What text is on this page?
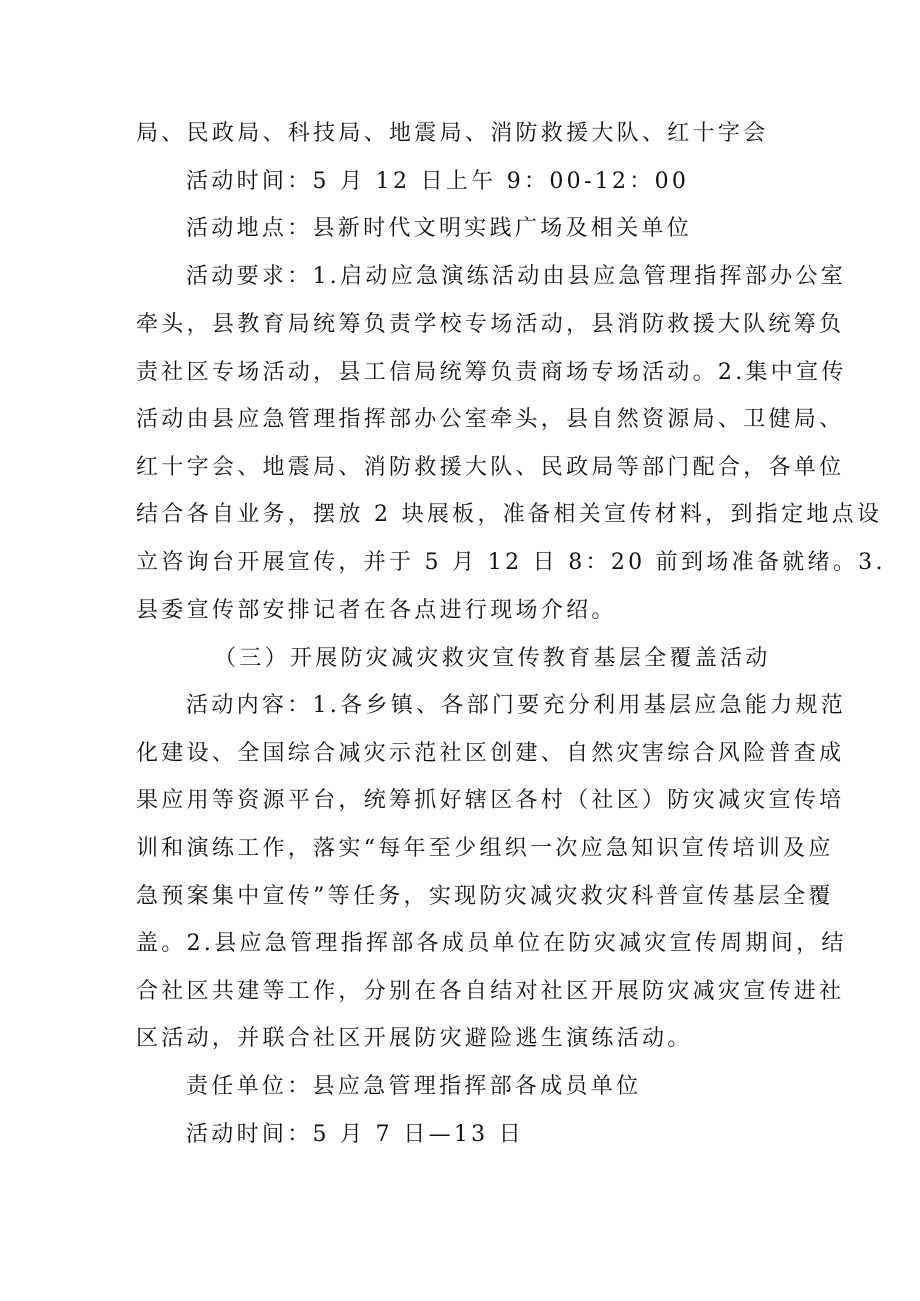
局、民政局、科技局、地震局、消防救援大队、红十字会
活动时间：5 月 12 日上午 9：00-12：00
活动地点：县新时代文明实践广场及相关单位
活动要求：1.启动应急演练活动由县应急管理指挥部办公室
牵头，县教育局统筹负责学校专场活动，县消防救援大队统筹负
责社区专场活动，县工信局统筹负责商场专场活动。2.集中宣传
活动由县应急管理指挥部办公室牵头，县自然资源局、卫健局、
红十字会、地震局、消防救援大队、民政局等部门配合，各单位
结合各自业务，摆放 2 块展板，准备相关宣传材料，到指定地点设
立咨询台开展宣传，并于 5 月 12 日 8：20 前到场准备就绪。3.
县委宣传部安排记者在各点进行现场介绍。
（三）开展防灾减灾救灾宣传教育基层全覆盖活动
活动内容：1.各乡镇、各部门要充分利用基层应急能力规范
化建设、全国综合减灾示范社区创建、自然灾害综合风险普查成
果应用等资源平台，统筹抓好辖区各村（社区）防灾减灾宣传培
训和演练工作，落实“每年至少组织一次应急知识宣传培训及应
急预案集中宣传”等任务，实现防灾减灾救灾科普宣传基层全覆
盖。2.县应急管理指挥部各成员单位在防灾减灾宣传周期间，结
合社区共建等工作，分别在各自结对社区开展防灾减灾宣传进社
区活动，并联合社区开展防灾避险逃生演练活动。
责任单位：县应急管理指挥部各成员单位
活动时间：5 月 7 日—13 日
